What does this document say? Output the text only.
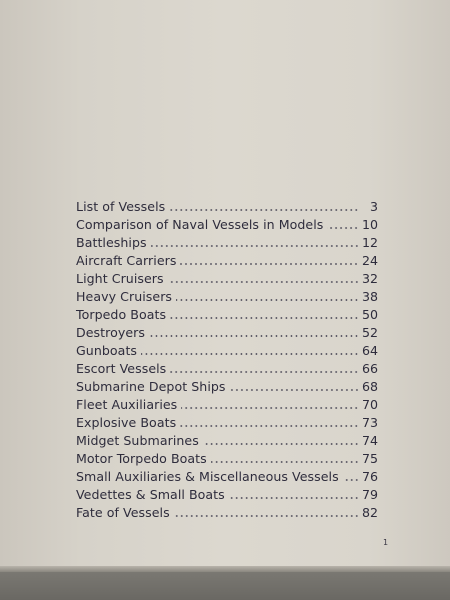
List of Vessels	3
Comparison of Naval Vessels in Models	10
Battleships	12
Aircraft Carriers	24
Light Cruisers	32
Heavy Cruisers	38
Torpedo Boats	50
Destroyers	52
Gunboats	64
Escort Vessels	66
Submarine Depot Ships	68
Fleet Auxiliaries	70
Explosive Boats	73
Midget Submarines	74
Motor Torpedo Boats	75
Small Auxiliaries & Miscellaneous Vessels 76
Vedettes & Small Boats	79
Fate of Vessels	82
1
